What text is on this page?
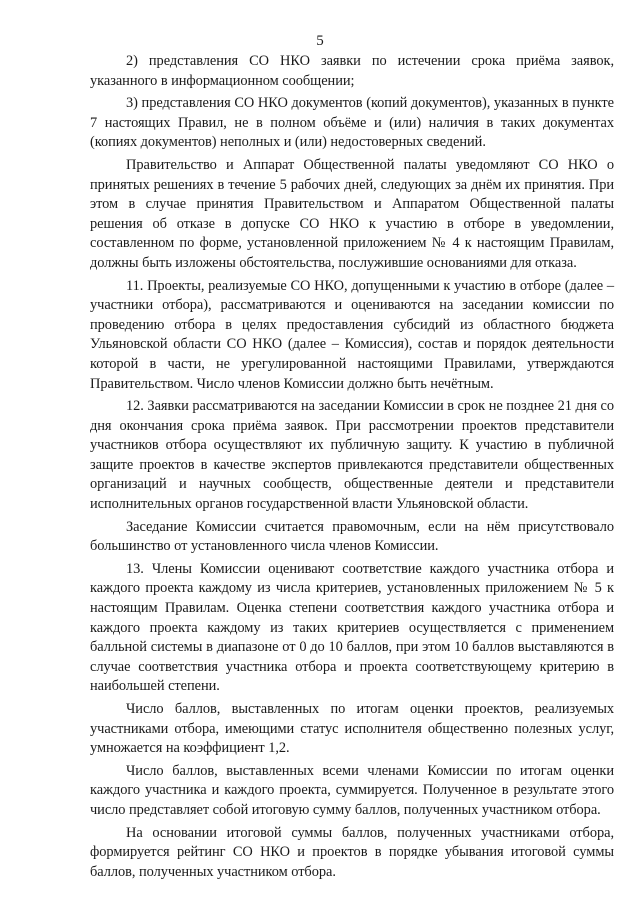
5

2) представления СО НКО заявки по истечении срока приёма заявок, указанного в информационном сообщении;

3) представления СО НКО документов (копий документов), указанных в пункте 7 настоящих Правил, не в полном объёме и (или) наличия в таких документах (копиях документов) неполных и (или) недостоверных сведений.

Правительство и Аппарат Общественной палаты уведомляют СО НКО о принятых решениях в течение 5 рабочих дней, следующих за днём их принятия. При этом в случае принятия Правительством и Аппаратом Общественной палаты решения об отказе в допуске СО НКО к участию в отборе в уведомлении, составленном по форме, установленной приложением № 4 к настоящим Правилам, должны быть изложены обстоятельства, послужившие основаниями для отказа.

11. Проекты, реализуемые СО НКО, допущенными к участию в отборе (далее – участники отбора), рассматриваются и оцениваются на заседании комиссии по проведению отбора в целях предоставления субсидий из областного бюджета Ульяновской области СО НКО (далее – Комиссия), состав и порядок деятельности которой в части, не урегулированной настоящими Правилами, утверждаются Правительством. Число членов Комиссии должно быть нечётным.

12. Заявки рассматриваются на заседании Комиссии в срок не позднее 21 дня со дня окончания срока приёма заявок. При рассмотрении проектов представители участников отбора осуществляют их публичную защиту. К участию в публичной защите проектов в качестве экспертов привлекаются представители общественных организаций и научных сообществ, общественные деятели и представители исполнительных органов государственной власти Ульяновской области.

Заседание Комиссии считается правомочным, если на нём присутствовало большинство от установленного числа членов Комиссии.

13. Члены Комиссии оценивают соответствие каждого участника отбора и каждого проекта каждому из числа критериев, установленных приложением № 5 к настоящим Правилам. Оценка степени соответствия каждого участника отбора и каждого проекта каждому из таких критериев осуществляется с применением балльной системы в диапазоне от 0 до 10 баллов, при этом 10 баллов выставляются в случае соответствия участника отбора и проекта соответствующему критерию в наибольшей степени.

Число баллов, выставленных по итогам оценки проектов, реализуемых участниками отбора, имеющими статус исполнителя общественно полезных услуг, умножается на коэффициент 1,2.

Число баллов, выставленных всеми членами Комиссии по итогам оценки каждого участника и каждого проекта, суммируется. Полученное в результате этого число представляет собой итоговую сумму баллов, полученных участником отбора.

На основании итоговой суммы баллов, полученных участниками отбора, формируется рейтинг СО НКО и проектов в порядке убывания итоговой суммы баллов, полученных участником отбора.
